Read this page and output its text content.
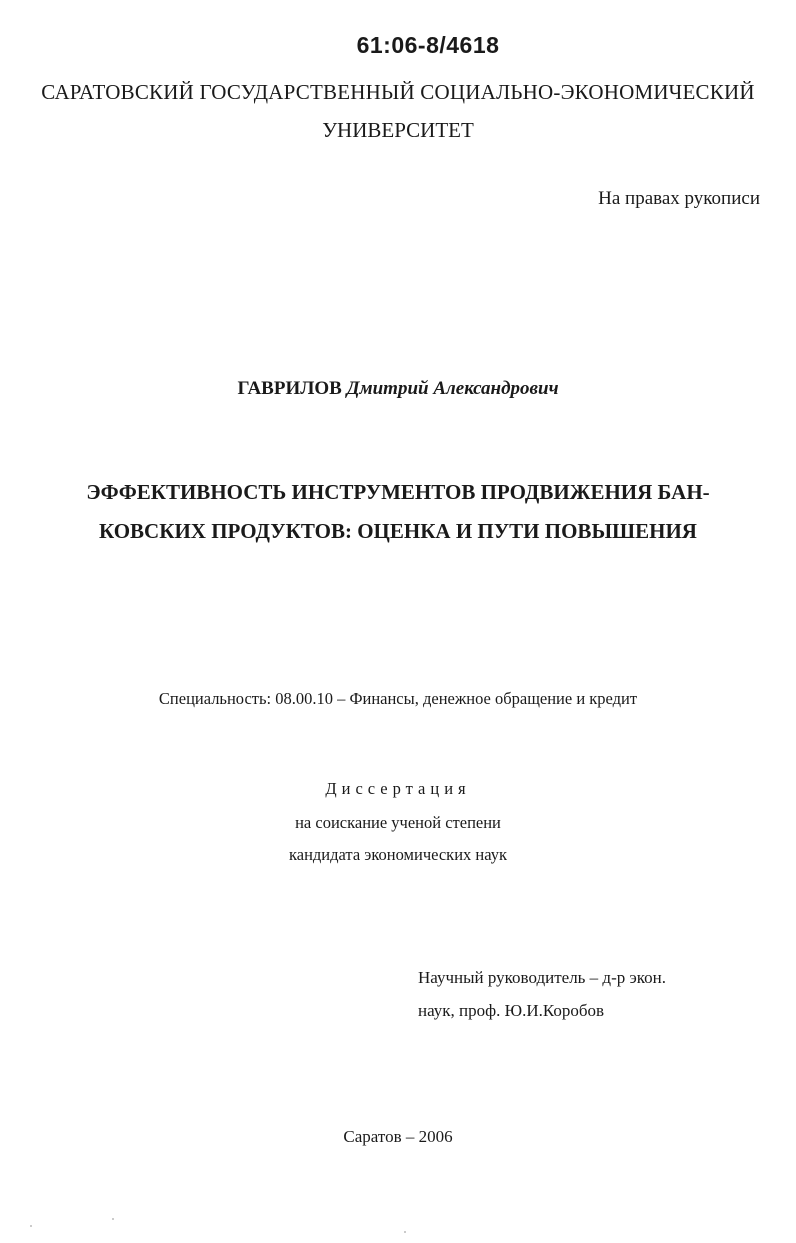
61:06-8/4618
САРАТОВСКИЙ ГОСУДАРСТВЕННЫЙ СОЦИАЛЬНО-ЭКОНОМИЧЕСКИЙ
УНИВЕРСИТЕТ
На правах рукописи
ГАВРИЛОВ Дмитрий Александрович
ЭФФЕКТИВНОСТЬ ИНСТРУМЕНТОВ ПРОДВИЖЕНИЯ БАН-
КОВСКИХ ПРОДУКТОВ: ОЦЕНКА И ПУТИ ПОВЫШЕНИЯ
Специальность: 08.00.10 – Финансы, денежное обращение и кредит
Диссертация
на соискание ученой степени
кандидата экономических наук
Научный руководитель – д-р экон.
наук, проф. Ю.И.Коробов
Саратов – 2006
